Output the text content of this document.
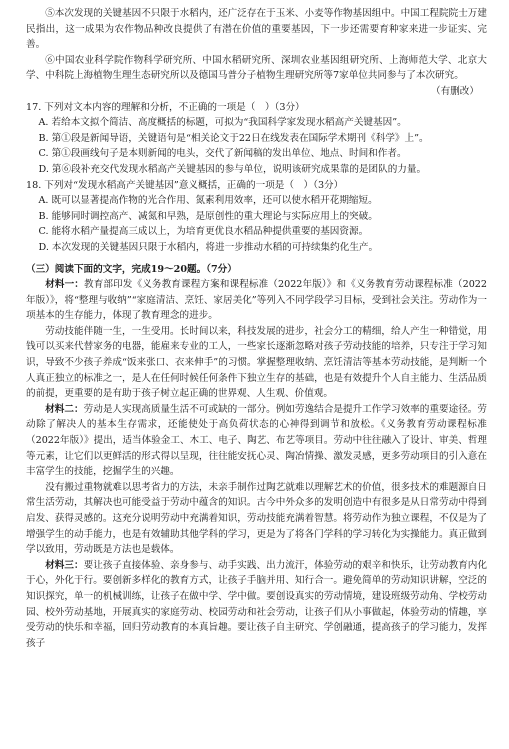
⑤本次发现的关键基因不只限于水稻内，还广泛存在于玉米、小麦等作物基因组中。中国工程院院士万建民指出，这一成果为农作物品种改良提供了有潜在价值的重要基因，下一步还需要育种家来进一步证实、完善。

⑥中国农业科学院作物科学研究所、中国水稻研究所、深圳农业基因组研究所、上海师范大学、北京大学、中科院上海植物生理生态研究所以及德国马普分子植物生理研究所等7家单位共同参与了本次研究。

（有删改）

17. 下列对文本内容的理解和分析，不正确的一项是（　）（3分）

A. 若给本文拟个简洁、高度概括的标题，可拟为“我国科学家发现水稻高产关键基因”。

B. 第①段是新闻导语，关键语句是“相关论文于22日在线发表在国际学术期刊《科学》上”。

C. 第①段画线句子是本则新闻的电头，交代了新闻稿的发出单位、地点、时间和作者。

D. 第⑥段补充交代发现水稻高产关键基因的参与单位，说明该研究成果靠的是团队的力量。

18. 下列对“发现水稻高产关键基因”意义概括，正确的一项是（　）（3分）

A. 既可以显著提高作物的光合作用、氮素利用效率，还可以使水稻开花期缩短。

B. 能够同时调控高产、减氮和早熟，是原创性的重大理论与实际应用上的突破。

C. 能将水稻产量提高三成以上，为培育更优良水稻品种提供重要的基因资源。

D. 本次发现的关键基因只限于水稻内，将进一步推动水稻的可持续集约化生产。

（三）阅读下面的文字，完成19～20题。（7分）

材料一：教育部印发《义务教育课程方案和课程标准（2022年版）》和《义务教育劳动课程标准（2022年版）》，将“整理与收纳”“家庭清洁、烹饪、家居美化”等列入不同学段学习目标，受到社会关注。劳动作为一项基本的生存能力，体现了教育理念的进步。

劳动技能伴随一生，一生受用。长时间以来，科技发展的进步，社会分工的精细，给人产生一种错觉，用钱可以买来代替家务的电器，能雇来专业的工人，一些家长逐渐忽略对孩子劳动技能的培养，只专注于学习知识，导致不少孩子养成“饭来张口、衣来伸手”的习惯。掌握整理收纳、烹饪清洁等基本劳动技能，是判断一个人真正独立的标准之一，是人在任何时候任何条件下独立生存的基础，也是有效提升个人自主能力、生活品质的前提，更重要的是有助于孩子树立起正确的世界观、人生观、价值观。

材料二：劳动是人实现高质量生活不可或缺的一部分。例如劳逸结合是提升工作学习效率的重要途径。劳动除了解决人的基本生存需求，还能使处于高负荷状态的心神得到调节和放松。《义务教育劳动课程标准（2022年版）》提出，适当体验金工、木工、电子、陶艺、布艺等项目。劳动中往往融入了设计、审美、哲理等元素，让它们以更鲜活的形式得以呈现，往往能安抚心灵、陶冶情操、激发灵感，更多劳动项目的引入意在丰富学生的技能，挖掘学生的兴趣。

没有搬过重物就难以思考省力的方法，未亲手制作过陶艺就难以理解艺术的价值，很多技术的难题源自日常生活劳动，其解决也可能受益于劳动中蕴含的知识。古今中外众多的发明创造中有很多是从日常劳动中得到启发、获得灵感的。这充分说明劳动中充满着知识，劳动技能充满着智慧。将劳动作为独立课程，不仅是为了增强学生的动手能力，也是有效辅助其他学科的学习，更是为了将各门学科的学习转化为实操能力。真正做到学以致用，劳动既是方法也是载体。

材料三：要让孩子直接体验、亲身参与、动手实践、出力流汗，体验劳动的艰辛和快乐，让劳动教育内化于心，外化于行。要创新多样化的教育方式，让孩子手脑并用、知行合一。避免简单的劳动知识讲解，空泛的知识探究，单一的机械训练，让孩子在做中学、学中做。要创设真实的劳动情境，建设班级劳动角、学校劳动园、校外劳动基地，开展真实的家庭劳动、校园劳动和社会劳动，让孩子们从小事做起，体验劳动的情趣，享受劳动的快乐和幸福，回归劳动教育的本真旨趣。要让孩子自主研究、学创融通，提高孩子的学习能力，发挥孩子
